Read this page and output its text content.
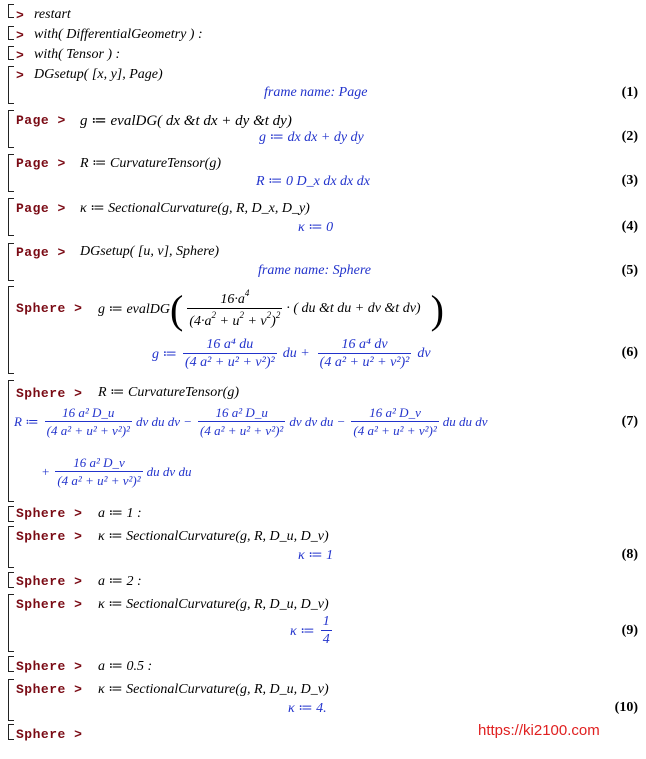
> restart
> with( DifferentialGeometry ) :
> with( Tensor ) :
> DGsetup( [x, y], Page)
frame name: Page	(1)
Page > g ≔ evalDG( dx &t dx + dy &t dy)
g ≔ dx dx + dy dy	(2)
Page > R ≔ CurvatureTensor(g)
R ≔ 0 D_x dx dx dx	(3)
Page > κ ≔ SectionalCurvature(g, R, D_x, D_y)
κ ≔ 0	(4)
Page > DGsetup( [u, v], Sphere)
frame name: Sphere	(5)
Sphere > g ≔ evalDG ( $\frac{16\cdot a^4}{(4\cdot a^2 + u^2 + v^2)^2}$ · ( du &t du + dv &t dv) )
g ≔ $\frac{\text{16 a⁴ du}}{\text{(4 a² + u² + v²)²}}$ du + $\frac{\text{16 a⁴ dv}}{\text{(4 a² + u² + v²)²}}$ dv	(6)
Sphere > R ≔ CurvatureTensor(g)
R ≔ $\frac{\text{16 a² D\_u}}{\text{(4 a² + u² + v²)²}}$ dv du dv − $\frac{\text{16 a² D\_u}}{\text{(4 a² + u² + v²)²}}$ dv dv du − $\frac{\text{16 a² D\_v}}{\text{(4 a² + u² + v²)²}}$ du du dv	(7)
+ $\frac{\text{16 a² D\_v}}{\text{(4 a² + u² + v²)²}}$ du dv du
Sphere > a ≔ 1 :
Sphere > κ ≔ SectionalCurvature(g, R, D_u, D_v)
κ ≔ 1	(8)
Sphere > a ≔ 2 :
Sphere > κ ≔ SectionalCurvature(g, R, D_u, D_v)
κ ≔ $\frac{1}{4}$	(9)
Sphere > a ≔ 0.5 :
Sphere > κ ≔ SectionalCurvature(g, R, D_u, D_v)
κ ≔ 4.	(10)
Sphere >	https://ki2100.com
